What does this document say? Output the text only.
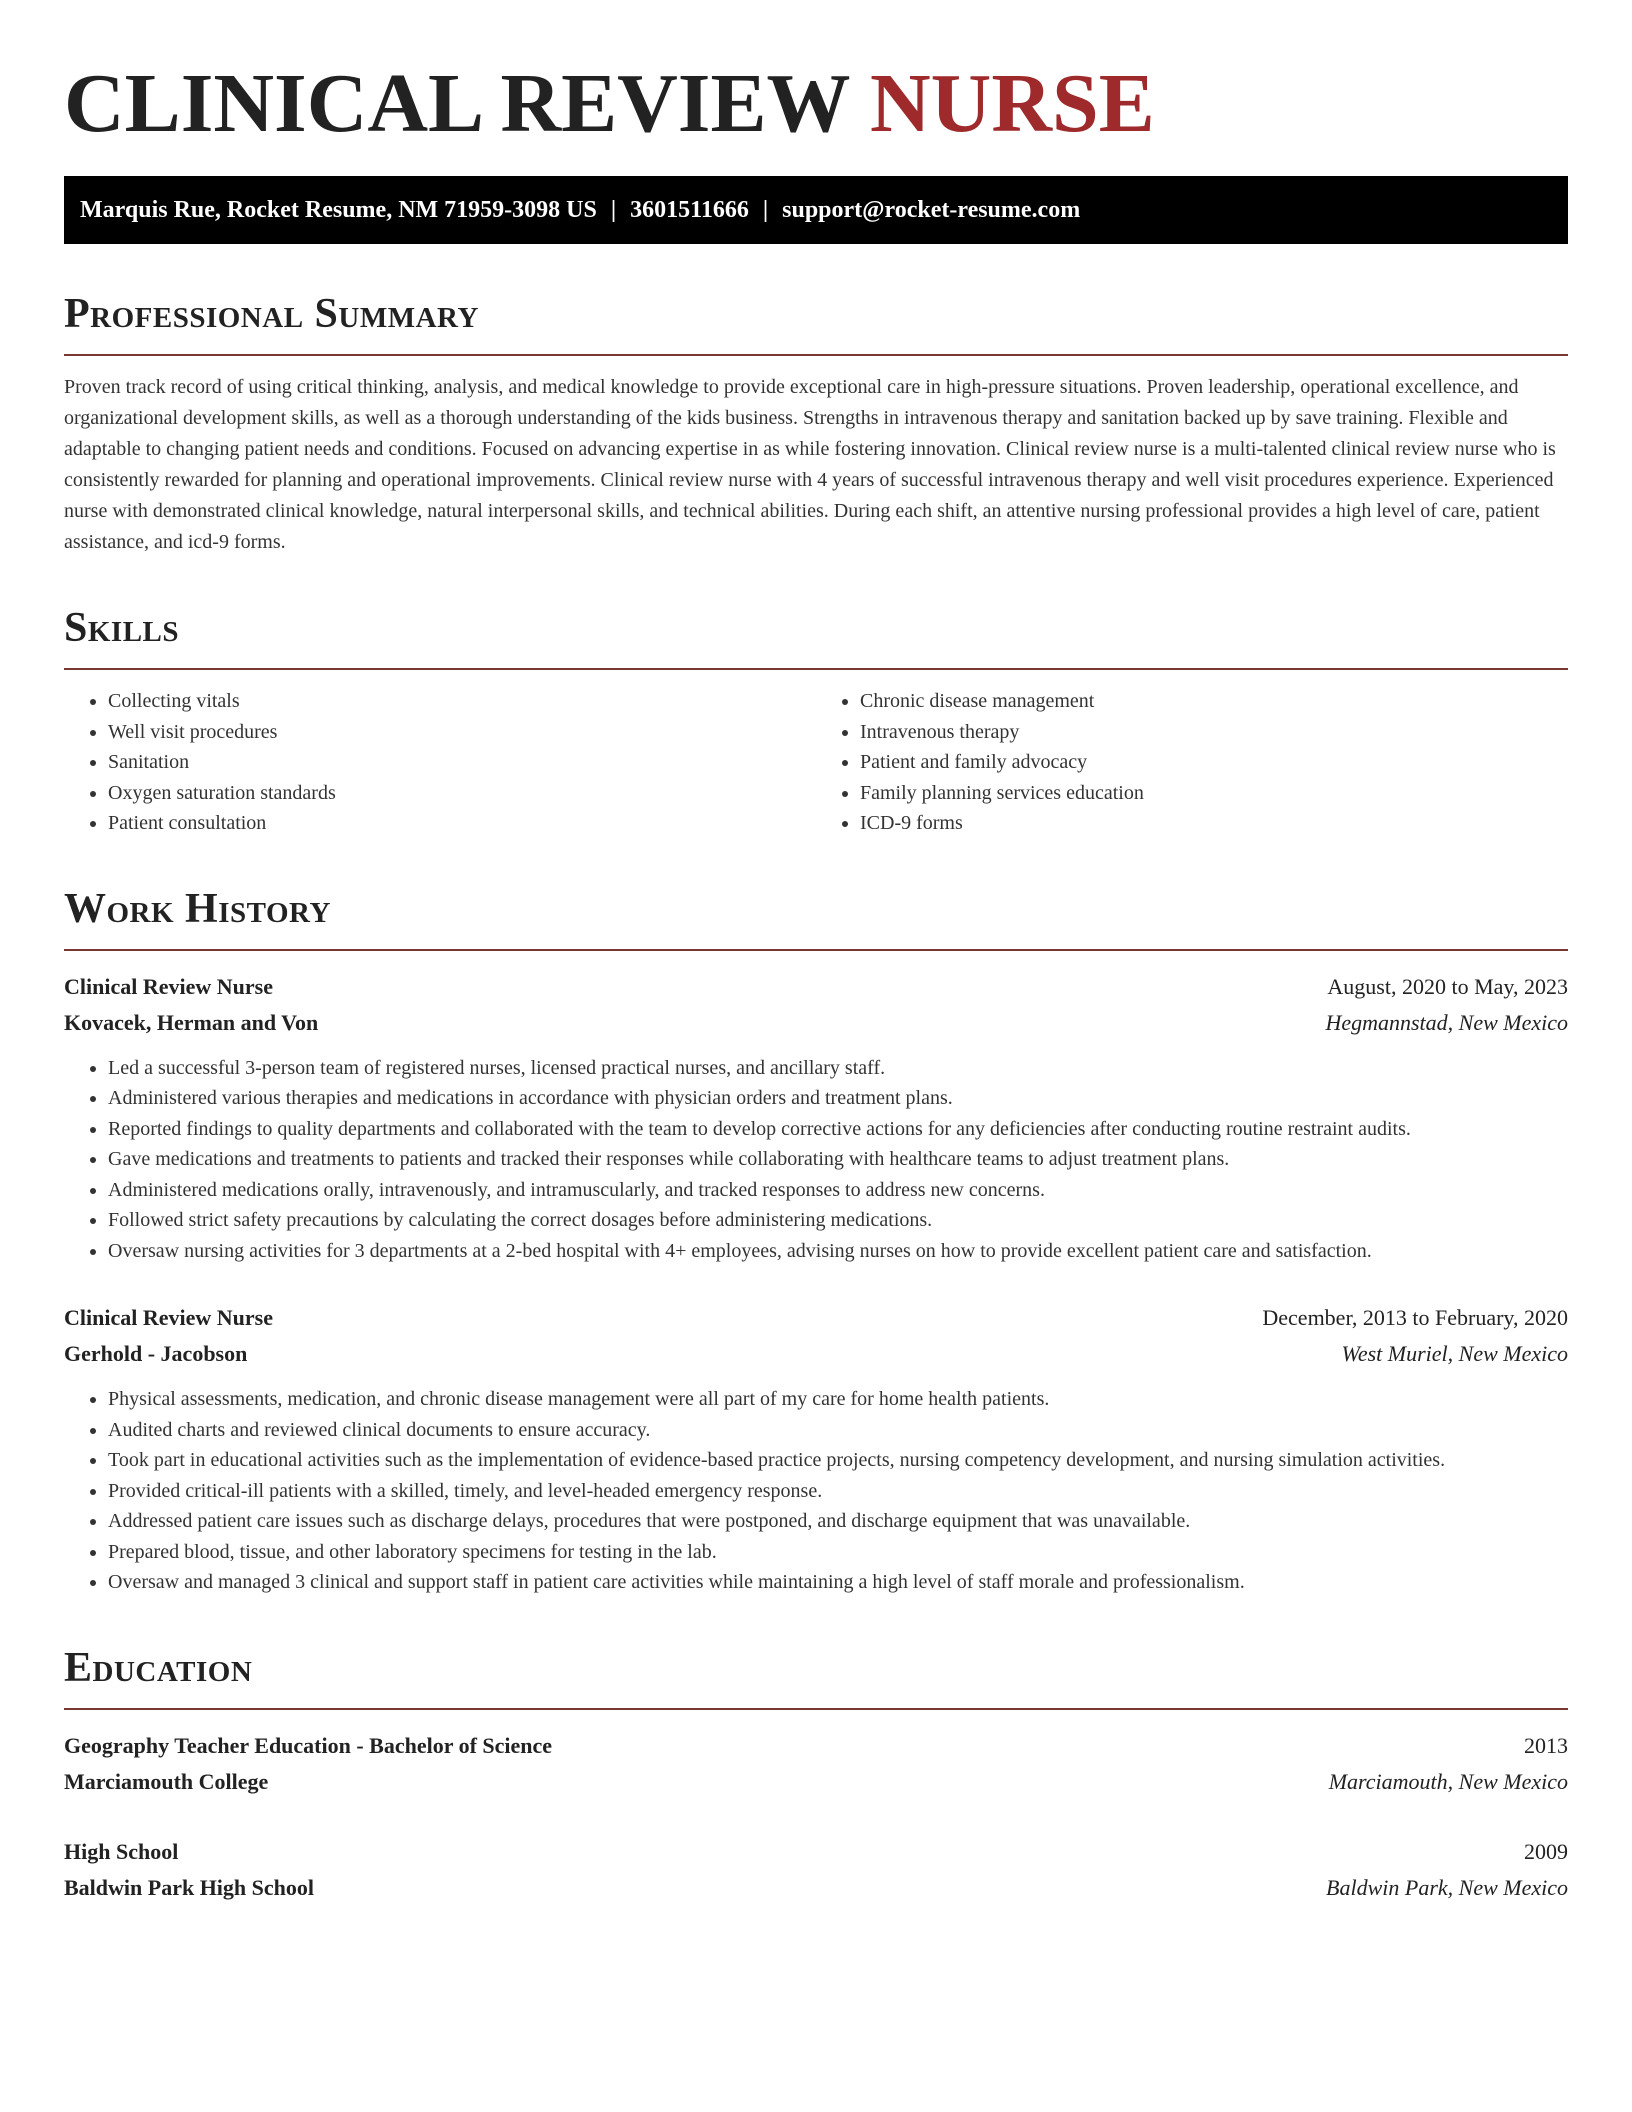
CLINICAL REVIEW NURSE
Marquis Rue, Rocket Resume, NM 71959-3098 US | 3601511666 | support@rocket-resume.com
Professional Summary

Proven track record of using critical thinking, analysis, and medical knowledge to provide exceptional care in high-pressure situations. Proven leadership, operational excellence, and organizational development skills, as well as a thorough understanding of the kids business. Strengths in intravenous therapy and sanitation backed up by save training. Flexible and adaptable to changing patient needs and conditions. Focused on advancing expertise in as while fostering innovation. Clinical review nurse is a multi-talented clinical review nurse who is consistently rewarded for planning and operational improvements. Clinical review nurse with 4 years of successful intravenous therapy and well visit procedures experience. Experienced nurse with demonstrated clinical knowledge, natural interpersonal skills, and technical abilities. During each shift, an attentive nursing professional provides a high level of care, patient assistance, and icd-9 forms.

Skills
• Collecting vitals
• Well visit procedures
• Sanitation
• Oxygen saturation standards
• Patient consultation
• Chronic disease management
• Intravenous therapy
• Patient and family advocacy
• Family planning services education
• ICD-9 forms
Work History
Clinical Review Nurse	August, 2020 to May, 2023
Kovacek, Herman and Von	Hegmannstad, New Mexico
• Led a successful 3-person team of registered nurses, licensed practical nurses, and ancillary staff.
• Administered various therapies and medications in accordance with physician orders and treatment plans.
• Reported findings to quality departments and collaborated with the team to develop corrective actions for any deficiencies after conducting routine restraint audits.
• Gave medications and treatments to patients and tracked their responses while collaborating with healthcare teams to adjust treatment plans.
• Administered medications orally, intravenously, and intramuscularly, and tracked responses to address new concerns.
• Followed strict safety precautions by calculating the correct dosages before administering medications.
• Oversaw nursing activities for 3 departments at a 2-bed hospital with 4+ employees, advising nurses on how to provide excellent patient care and satisfaction.
Clinical Review Nurse	December, 2013 to February, 2020
Gerhold - Jacobson	West Muriel, New Mexico
• Physical assessments, medication, and chronic disease management were all part of my care for home health patients.
• Audited charts and reviewed clinical documents to ensure accuracy.
• Took part in educational activities such as the implementation of evidence-based practice projects, nursing competency development, and nursing simulation activities.
• Provided critical-ill patients with a skilled, timely, and level-headed emergency response.
• Addressed patient care issues such as discharge delays, procedures that were postponed, and discharge equipment that was unavailable.
• Prepared blood, tissue, and other laboratory specimens for testing in the lab.
• Oversaw and managed 3 clinical and support staff in patient care activities while maintaining a high level of staff morale and professionalism.
Education
Geography Teacher Education - Bachelor of Science	2013
Marciamouth College	Marciamouth, New Mexico
High School	2009
Baldwin Park High School	Baldwin Park, New Mexico
